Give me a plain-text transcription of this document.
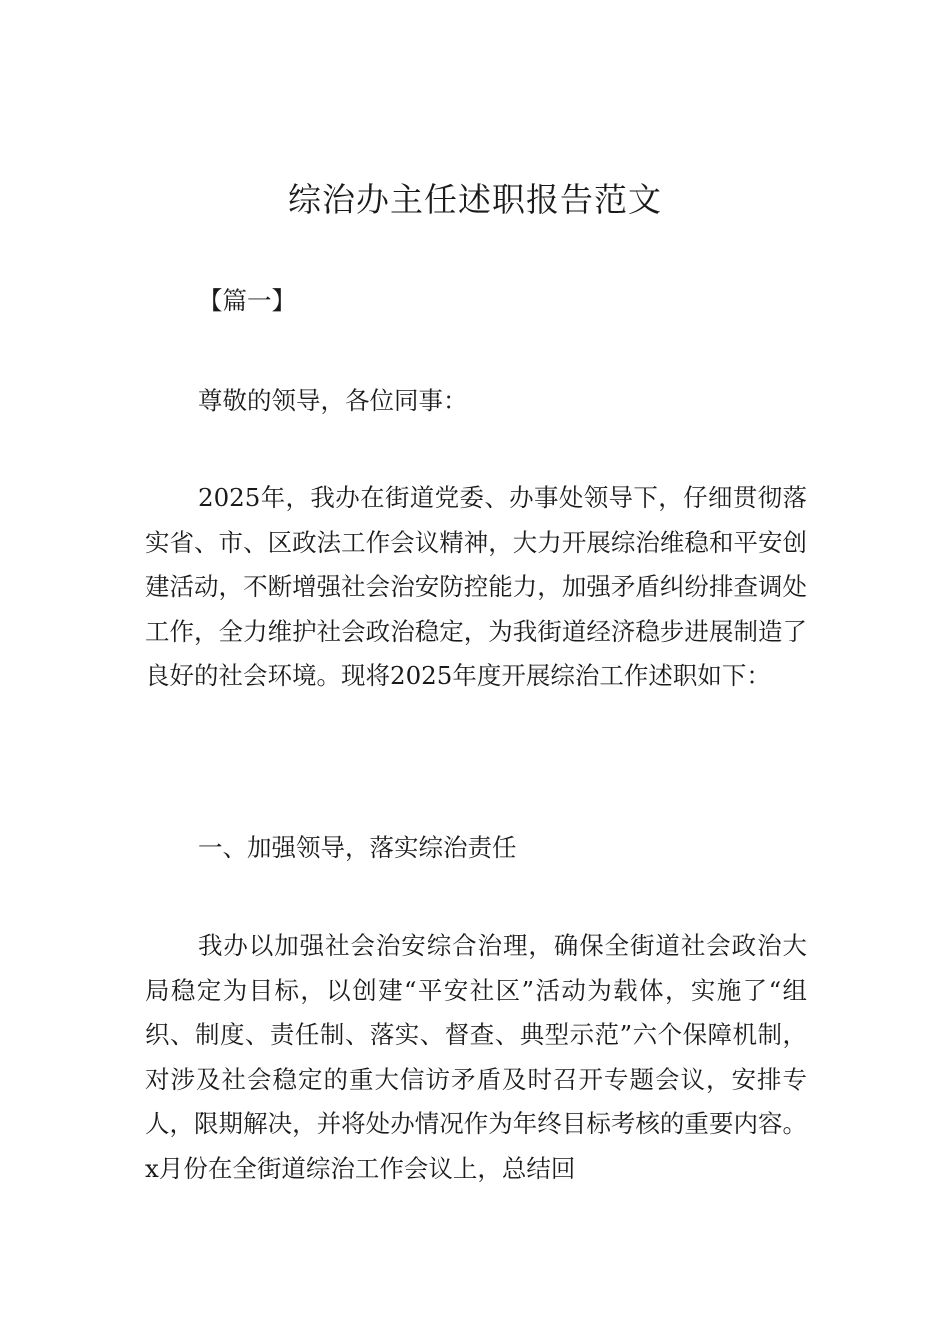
综治办主任述职报告范文

【篇一】

尊敬的领导，各位同事：

2025年，我办在街道党委、办事处领导下，仔细贯彻落实省、市、区政法工作会议精神，大力开展综治维稳和平安创建活动，不断增强社会治安防控能力，加强矛盾纠纷排查调处工作，全力维护社会政治稳定，为我街道经济稳步进展制造了良好的社会环境。现将2025年度开展综治工作述职如下：

一、加强领导，落实综治责任

我办以加强社会治安综合治理，确保全街道社会政治大局稳定为目标，以创建“平安社区”活动为载体，实施了“组织、制度、责任制、落实、督查、典型示范”六个保障机制，对涉及社会稳定的重大信访矛盾及时召开专题会议，安排专人，限期解决，并将处办情况作为年终目标考核的重要内容。x月份在全街道综治工作会议上，总结回
